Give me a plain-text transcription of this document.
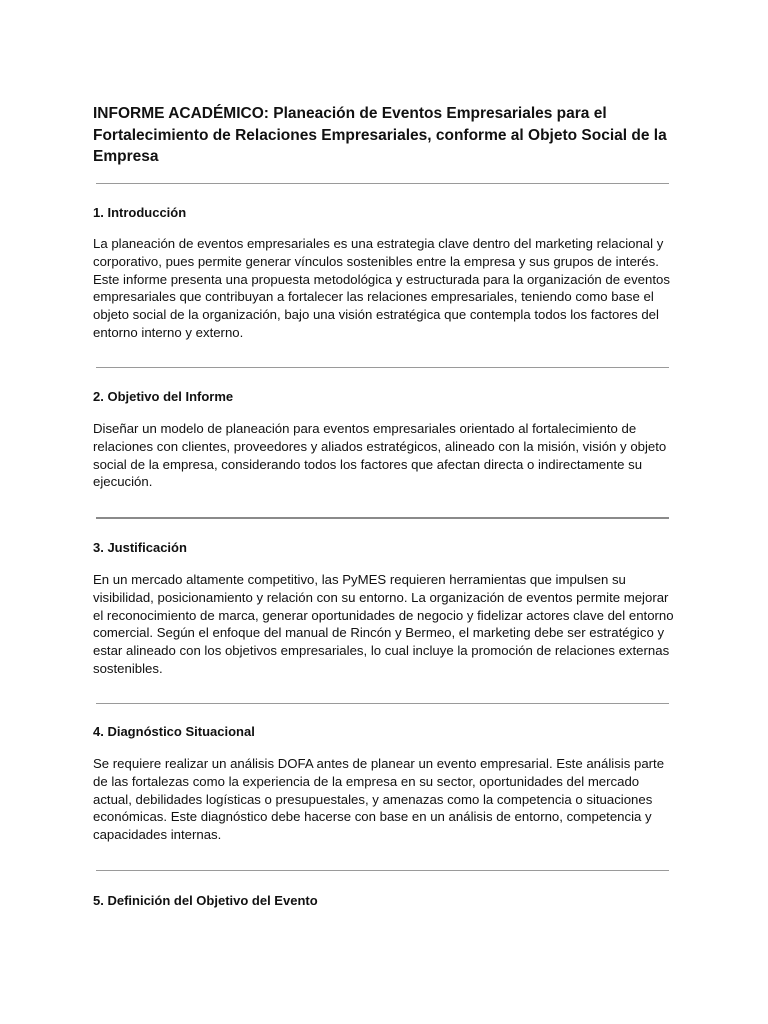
INFORME ACADÉMICO: Planeación de Eventos Empresariales para el Fortalecimiento de Relaciones Empresariales, conforme al Objeto Social de la Empresa
1. Introducción

La planeación de eventos empresariales es una estrategia clave dentro del marketing relacional y corporativo, pues permite generar vínculos sostenibles entre la empresa y sus grupos de interés. Este informe presenta una propuesta metodológica y estructurada para la organización de eventos empresariales que contribuyan a fortalecer las relaciones empresariales, teniendo como base el objeto social de la organización, bajo una visión estratégica que contempla todos los factores del entorno interno y externo.

2. Objetivo del Informe

Diseñar un modelo de planeación para eventos empresariales orientado al fortalecimiento de relaciones con clientes, proveedores y aliados estratégicos, alineado con la misión, visión y objeto social de la empresa, considerando todos los factores que afectan directa o indirectamente su ejecución.

3. Justificación

En un mercado altamente competitivo, las PyMES requieren herramientas que impulsen su visibilidad, posicionamiento y relación con su entorno. La organización de eventos permite mejorar el reconocimiento de marca, generar oportunidades de negocio y fidelizar actores clave del entorno comercial. Según el enfoque del manual de Rincón y Bermeo, el marketing debe ser estratégico y estar alineado con los objetivos empresariales, lo cual incluye la promoción de relaciones externas sostenibles.

4. Diagnóstico Situacional

Se requiere realizar un análisis DOFA antes de planear un evento empresarial. Este análisis parte de las fortalezas como la experiencia de la empresa en su sector, oportunidades del mercado actual, debilidades logísticas o presupuestales, y amenazas como la competencia o situaciones económicas. Este diagnóstico debe hacerse con base en un análisis de entorno, competencia y capacidades internas.

5. Definición del Objetivo del Evento
